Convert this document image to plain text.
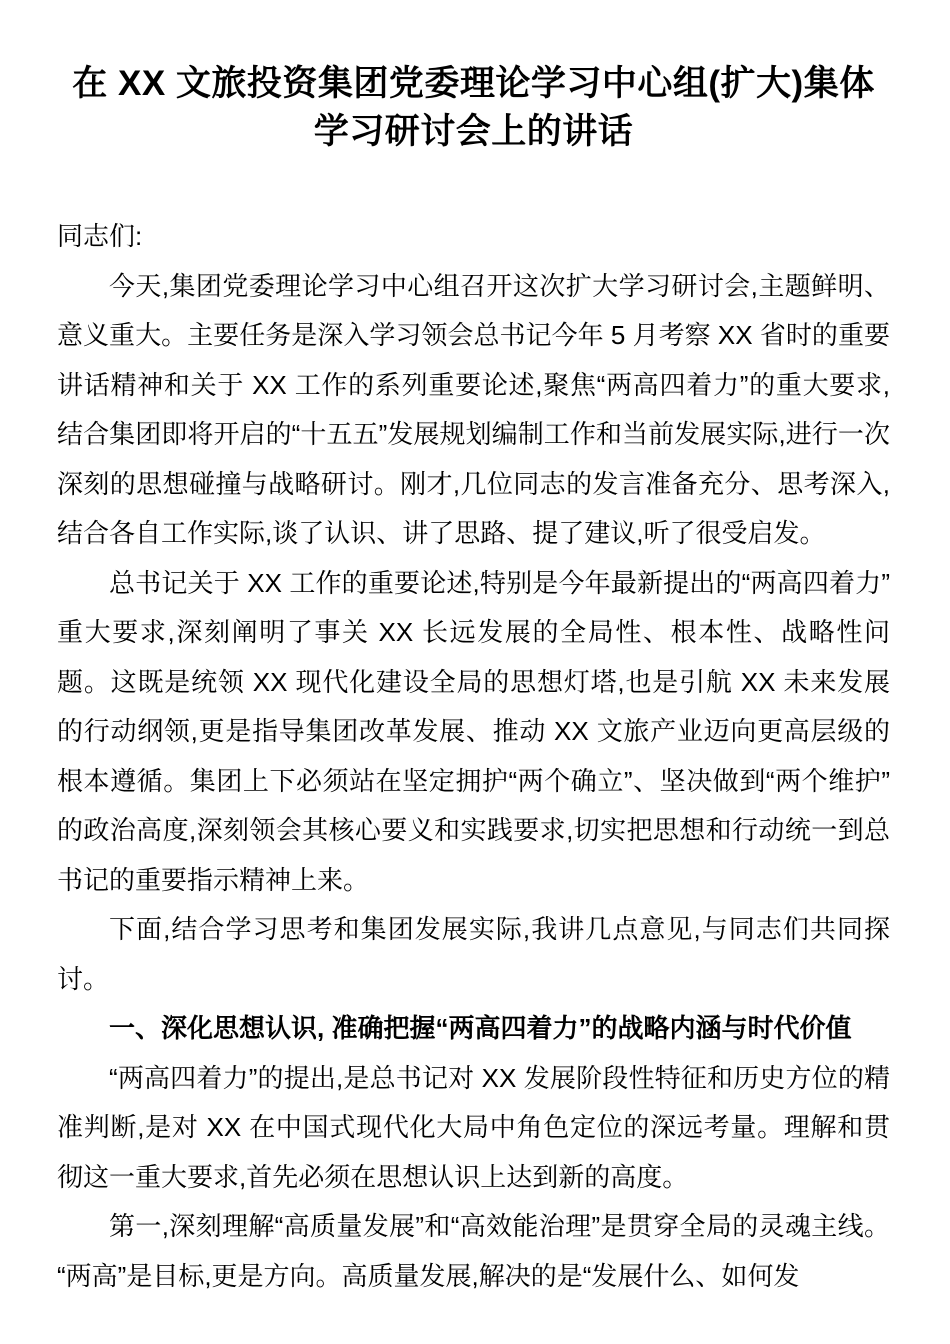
在 XX 文旅投资集团党委理论学习中心组(扩大)集体学习研讨会上的讲话

同志们:

今天,集团党委理论学习中心组召开这次扩大学习研讨会,主题鲜明、意义重大。主要任务是深入学习领会总书记今年 5 月考察 XX 省时的重要讲话精神和关于 XX 工作的系列重要论述,聚焦“两高四着力”的重大要求,结合集团即将开启的“十五五”发展规划编制工作和当前发展实际,进行一次深刻的思想碰撞与战略研讨。刚才,几位同志的发言准备充分、思考深入,结合各自工作实际,谈了认识、讲了思路、提了建议,听了很受启发。

总书记关于 XX 工作的重要论述,特别是今年最新提出的“两高四着力”重大要求,深刻阐明了事关 XX 长远发展的全局性、根本性、战略性问题。这既是统领 XX 现代化建设全局的思想灯塔,也是引航 XX 未来发展的行动纲领,更是指导集团改革发展、推动 XX 文旅产业迈向更高层级的根本遵循。集团上下必须站在坚定拥护“两个确立”、坚决做到“两个维护”的政治高度,深刻领会其核心要义和实践要求,切实把思想和行动统一到总书记的重要指示精神上来。

下面,结合学习思考和集团发展实际,我讲几点意见,与同志们共同探讨。

一、深化思想认识, 准确把握“两高四着力”的战略内涵与时代价值

“两高四着力”的提出,是总书记对 XX 发展阶段性特征和历史方位的精准判断,是对 XX 在中国式现代化大局中角色定位的深远考量。理解和贯彻这一重大要求,首先必须在思想认识上达到新的高度。

第一,深刻理解“高质量发展”和“高效能治理”是贯穿全局的灵魂主线。“两高”是目标,更是方向。高质量发展,解决的是“发展什么、如何发
